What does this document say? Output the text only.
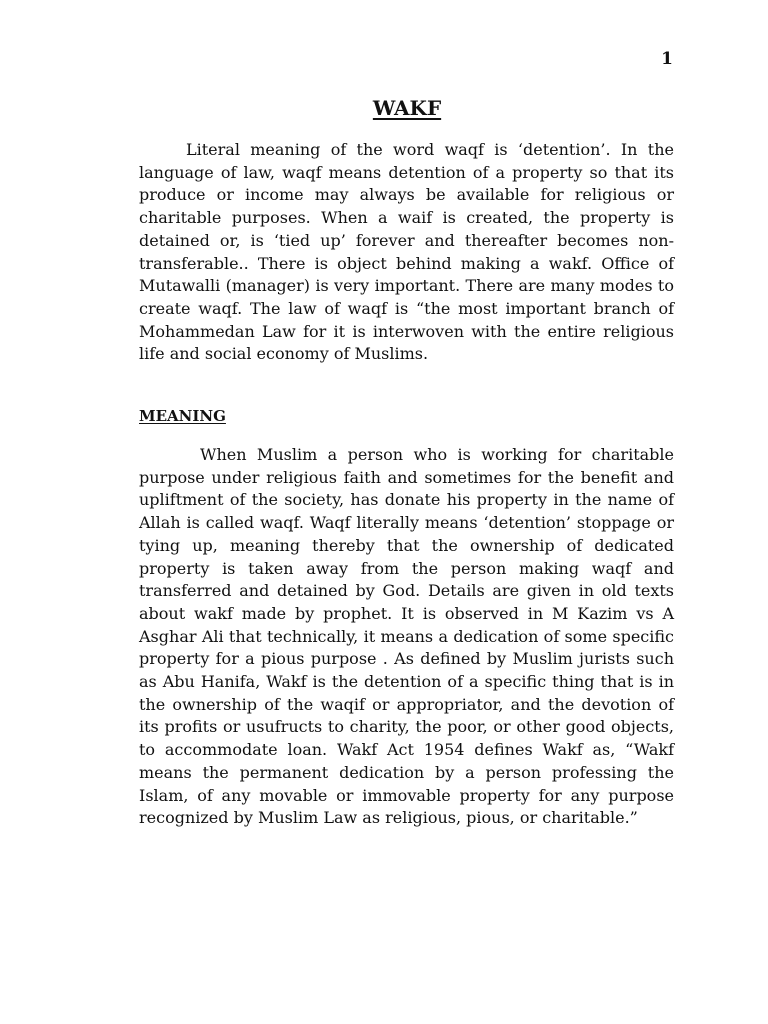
1
WAKF

Literal meaning of the word waqf is ‘detention’. In the language of law, waqf means detention of a property so that its produce or income may always be available for religious or charitable purposes. When a waif is created, the property is detained or, is ‘tied up’ forever and thereafter becomes non-transferable.. There is object behind making a wakf. Office of Mutawalli (manager) is very important. There are many modes to create waqf. The law of waqf is “the most important branch of Mohammedan Law for it is interwoven with the entire religious life and social economy of Muslims.

MEANING

When Muslim a person who is working for charitable purpose under religious faith and sometimes for the benefit and upliftment of the society, has donate his property in the name of Allah is called waqf. Waqf literally means ‘detention’ stoppage or tying up, meaning thereby that the ownership of dedicated property is taken away from the person making waqf and transferred and detained by God. Details are given in old texts about wakf made by prophet. It is observed in M Kazim vs A Asghar Ali that technically, it means a dedication of some specific property for a pious purpose . As defined by Muslim jurists such as Abu Hanifa, Wakf is the detention of a specific thing that is in the ownership of the waqif or appropriator, and the devotion of its profits or usufructs to charity, the poor, or other good objects, to accommodate loan. Wakf Act 1954 defines Wakf as, “Wakf means the permanent dedication by a person professing the Islam, of any movable or immovable property for any purpose recognized by Muslim Law as religious, pious, or charitable.”
